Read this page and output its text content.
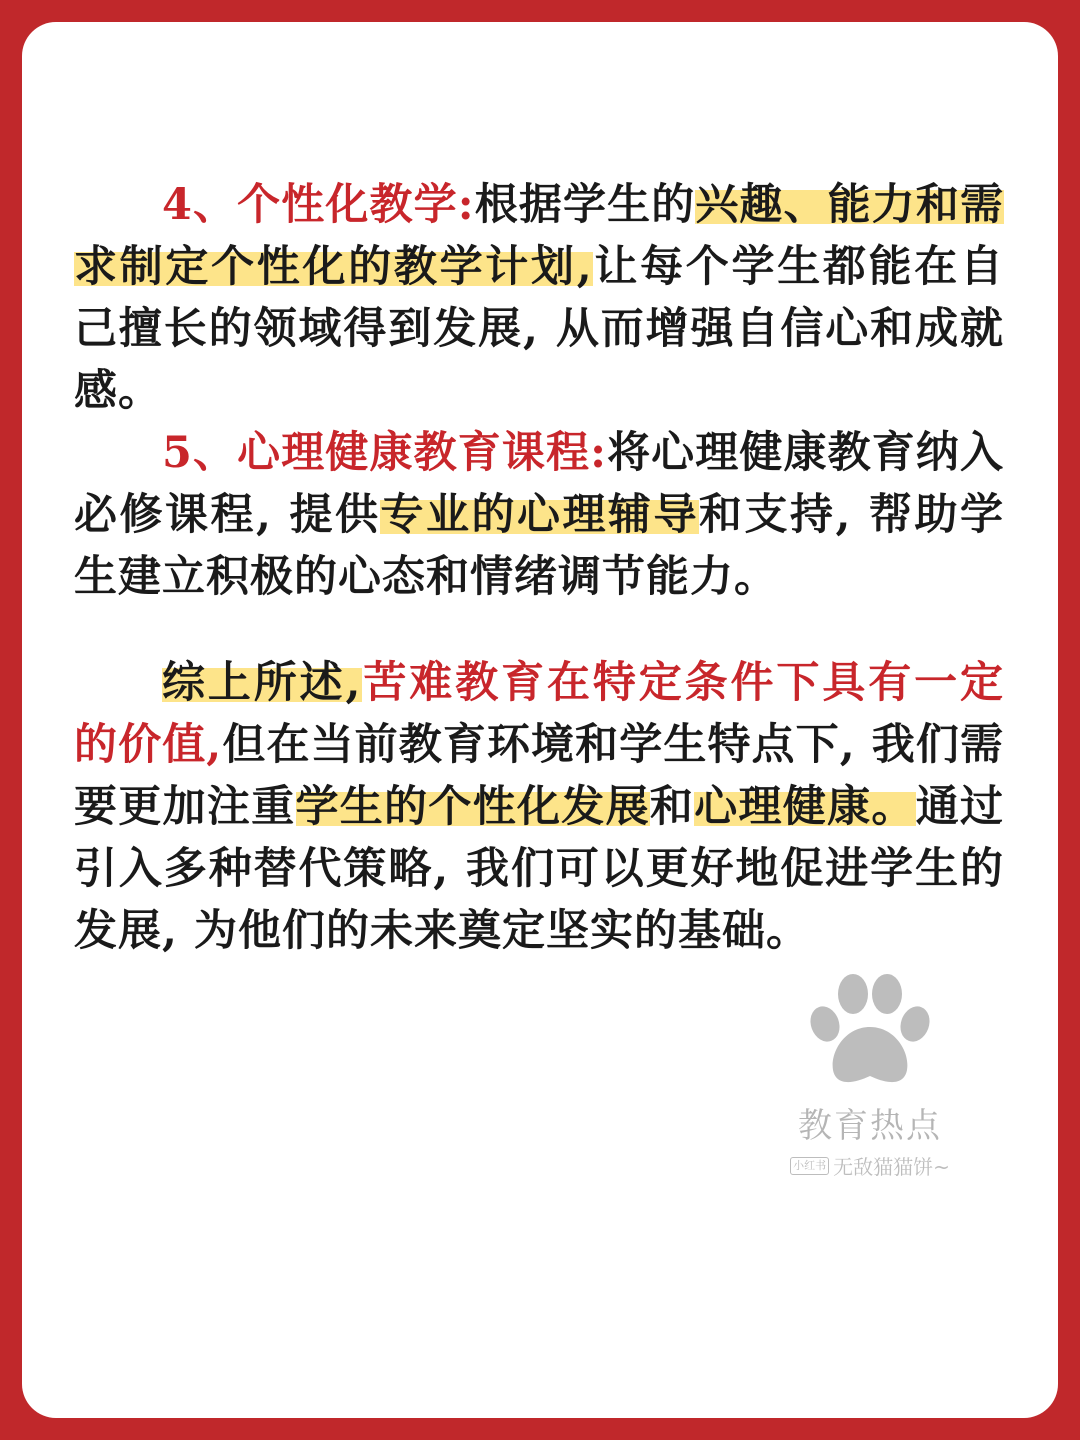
4、个性化教学:根据学生的兴趣、能力和需求制定个性化的教学计划,让每个学生都能在自己擅长的领域得到发展, 从而增强自信心和成就感。

5、心理健康教育课程:将心理健康教育纳入必修课程, 提供专业的心理辅导和支持, 帮助学生建立积极的心态和情绪调节能力。

综上所述,苦难教育在特定条件下具有一定的价值,但在当前教育环境和学生特点下, 我们需要更加注重学生的个性化发展和心理健康。通过引入多种替代策略, 我们可以更好地促进学生的发展, 为他们的未来奠定坚实的基础。

教育热点
小红书 无敌猫猫饼~
